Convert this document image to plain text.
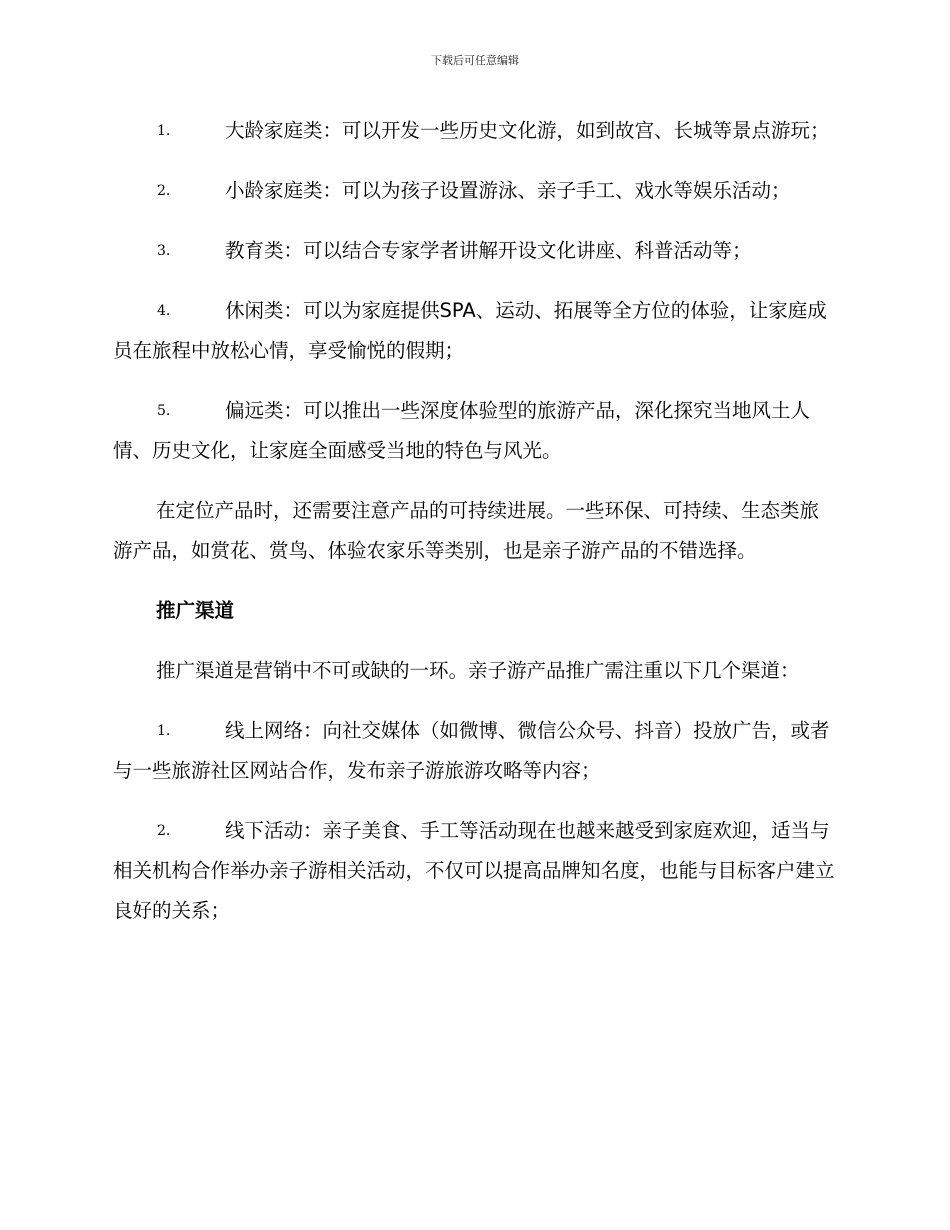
下载后可任意编辑
1.	大龄家庭类：可以开发一些历史文化游，如到故宫、长城等景点游玩；
2.	小龄家庭类：可以为孩子设置游泳、亲子手工、戏水等娱乐活动；
3.	教育类：可以结合专家学者讲解开设文化讲座、科普活动等；
4.	休闲类：可以为家庭提供SPA、运动、拓展等全方位的体验，让家庭成员在旅程中放松心情，享受愉悦的假期；
5.	偏远类：可以推出一些深度体验型的旅游产品，深化探究当地风土人情、历史文化，让家庭全面感受当地的特色与风光。

在定位产品时，还需要注意产品的可持续进展。一些环保、可持续、生态类旅游产品，如赏花、赏鸟、体验农家乐等类别，也是亲子游产品的不错选择。

推广渠道

推广渠道是营销中不可或缺的一环。亲子游产品推广需注重以下几个渠道：

1.	线上网络：向社交媒体（如微博、微信公众号、抖音）投放广告，或者与一些旅游社区网站合作，发布亲子游旅游攻略等内容；
2.	线下活动：亲子美食、手工等活动现在也越来越受到家庭欢迎，适当与相关机构合作举办亲子游相关活动，不仅可以提高品牌知名度，也能与目标客户建立良好的关系；
